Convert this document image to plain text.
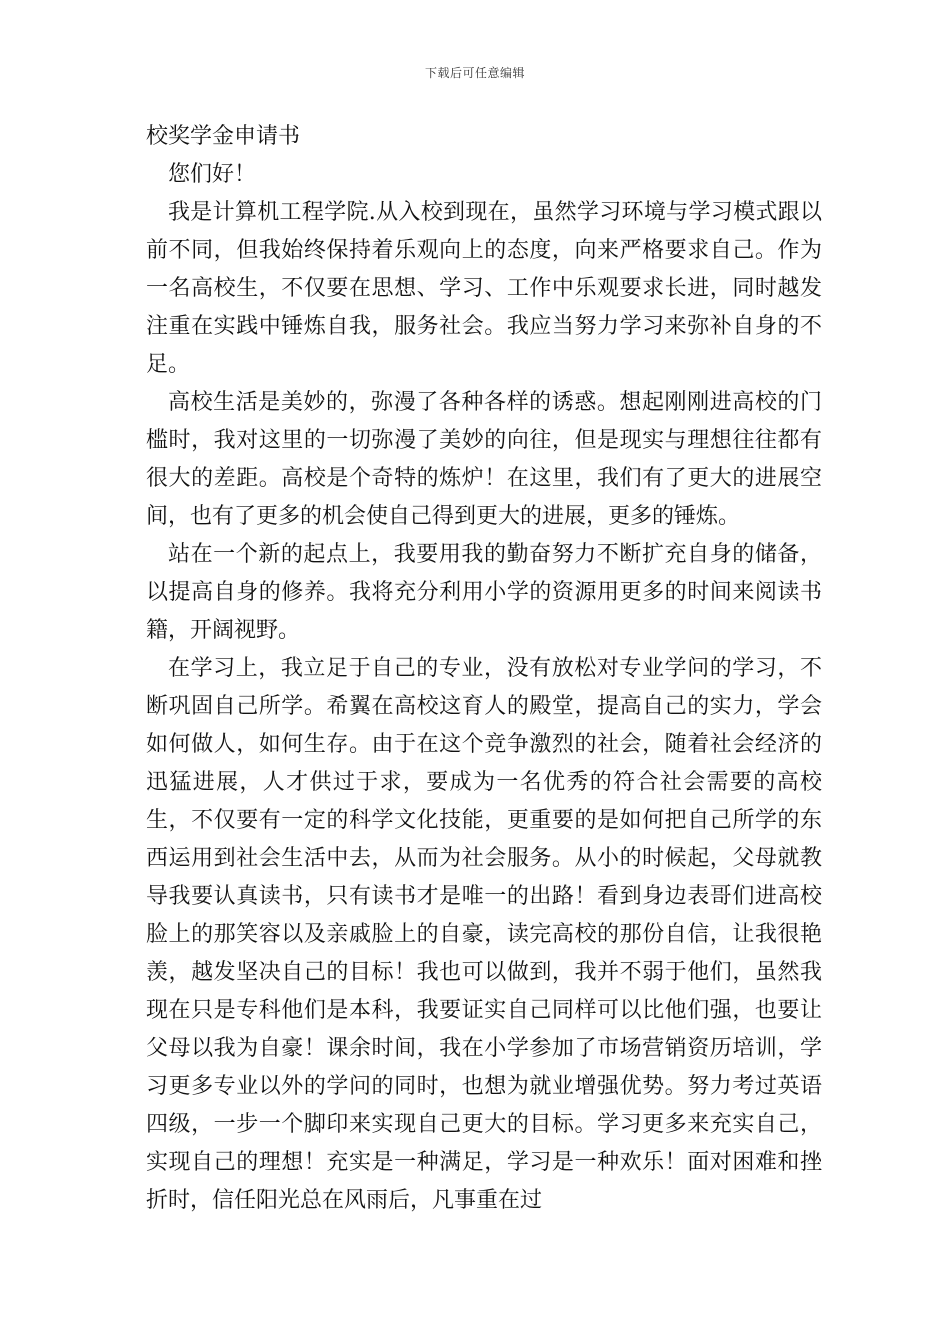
下载后可任意编辑

校奖学金申请书

您们好！

我是计算机工程学院.从入校到现在，虽然学习环境与学习模式跟以前不同，但我始终保持着乐观向上的态度，向来严格要求自己。作为一名高校生，不仅要在思想、学习、工作中乐观要求长进，同时越发注重在实践中锤炼自我，服务社会。我应当努力学习来弥补自身的不足。

高校生活是美妙的，弥漫了各种各样的诱惑。想起刚刚进高校的门槛时，我对这里的一切弥漫了美妙的向往，但是现实与理想往往都有很大的差距。高校是个奇特的炼炉！在这里，我们有了更大的进展空间，也有了更多的机会使自己得到更大的进展，更多的锤炼。

站在一个新的起点上，我要用我的勤奋努力不断扩充自身的储备，以提高自身的修养。我将充分利用小学的资源用更多的时间来阅读书籍，开阔视野。

在学习上，我立足于自己的专业，没有放松对专业学问的学习，不断巩固自己所学。希翼在高校这育人的殿堂，提高自己的实力，学会如何做人，如何生存。由于在这个竞争激烈的社会，随着社会经济的迅猛进展，人才供过于求，要成为一名优秀的符合社会需要的高校生，不仅要有一定的科学文化技能，更重要的是如何把自己所学的东西运用到社会生活中去，从而为社会服务。从小的时候起，父母就教导我要认真读书，只有读书才是唯一的出路！看到身边表哥们进高校脸上的那笑容以及亲戚脸上的自豪，读完高校的那份自信，让我很艳羡，越发坚决自己的目标！我也可以做到，我并不弱于他们，虽然我现在只是专科他们是本科，我要证实自己同样可以比他们强，也要让父母以我为自豪！课余时间，我在小学参加了市场营销资历培训，学习更多专业以外的学问的同时，也想为就业增强优势。努力考过英语四级，一步一个脚印来实现自己更大的目标。学习更多来充实自己，实现自己的理想！充实是一种满足，学习是一种欢乐！面对困难和挫折时，信任阳光总在风雨后，凡事重在过
